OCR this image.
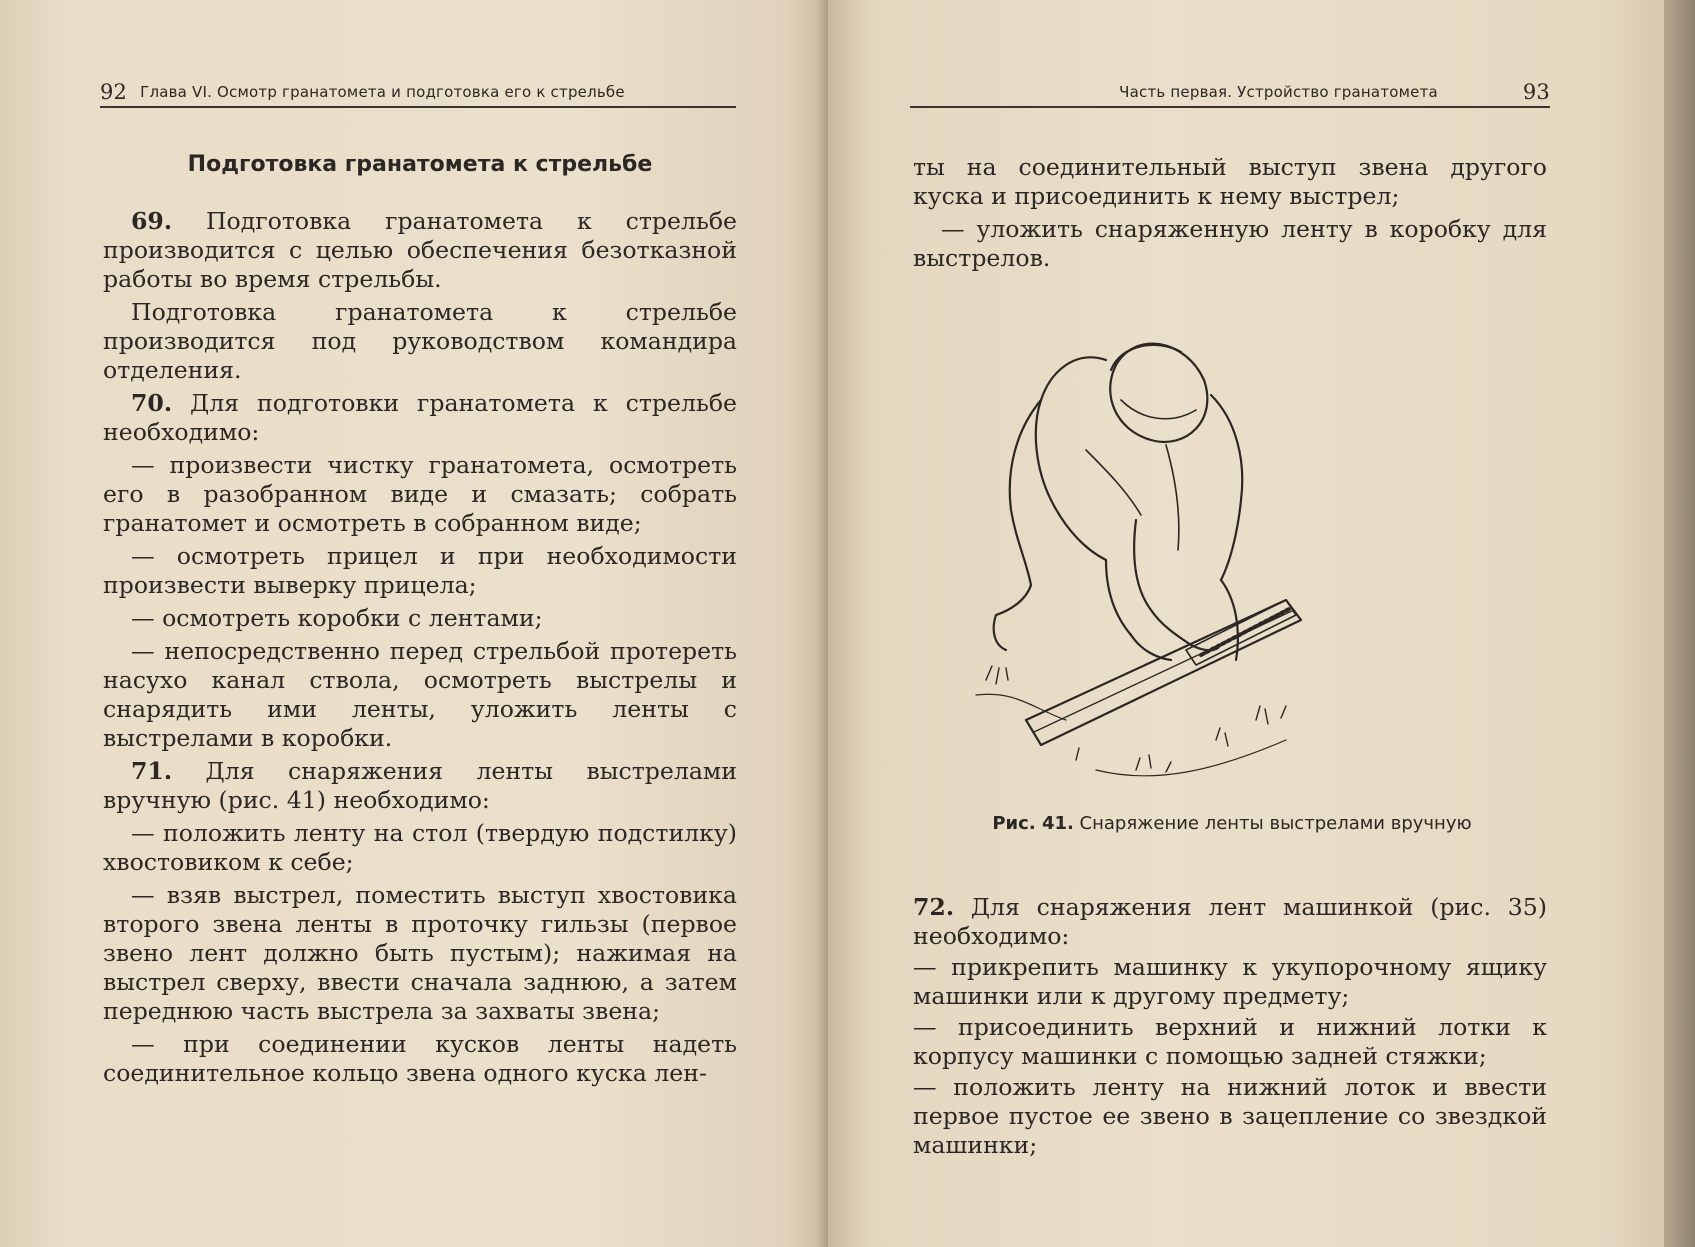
92 Глава VI. Осмотр гранатомета и подготовка его к стрельбе

Подготовка гранатомета к стрельбе

69. Подготовка гранатомета к стрельбе производится с целью обеспечения безотказной работы во время стрельбы.

Подготовка гранатомета к стрельбе производится под руководством командира отделения.

70. Для подготовки гранатомета к стрельбе необходимо:

— произвести чистку гранатомета, осмотреть его в разобранном виде и смазать; собрать гранатомет и осмотреть в собранном виде;

— осмотреть прицел и при необходимости произвести выверку прицела;

— осмотреть коробки с лентами;

— непосредственно перед стрельбой протереть насухо канал ствола, осмотреть выстрелы и снарядить ими ленты, уложить ленты с выстрелами в коробки.

71. Для снаряжения ленты выстрелами вручную (рис. 41) необходимо:

— положить ленту на стол (твердую подстилку) хвостовиком к себе;

— взяв выстрел, поместить выступ хвостовика второго звена ленты в проточку гильзы (первое звено лент должно быть пустым); нажимая на выстрел сверху, ввести сначала заднюю, а затем переднюю часть выстрела за захваты звена;

— при соединении кусков ленты надеть соединительное кольцо звена одного куска лен-

Часть первая. Устройство гранатомета	93

ты на соединительный выступ звена другого куска и присоединить к нему выстрел;

— уложить снаряженную ленту в коробку для выстрелов.

Рис. 41. Снаряжение ленты выстрелами вручную

72. Для снаряжения лент машинкой (рис. 35) необходимо:

— прикрепить машинку к укупорочному ящику машинки или к другому предмету;

— присоединить верхний и нижний лотки к корпусу машинки с помощью задней стяжки;

— положить ленту на нижний лоток и ввести первое пустое ее звено в зацепление со звездкой машинки;
